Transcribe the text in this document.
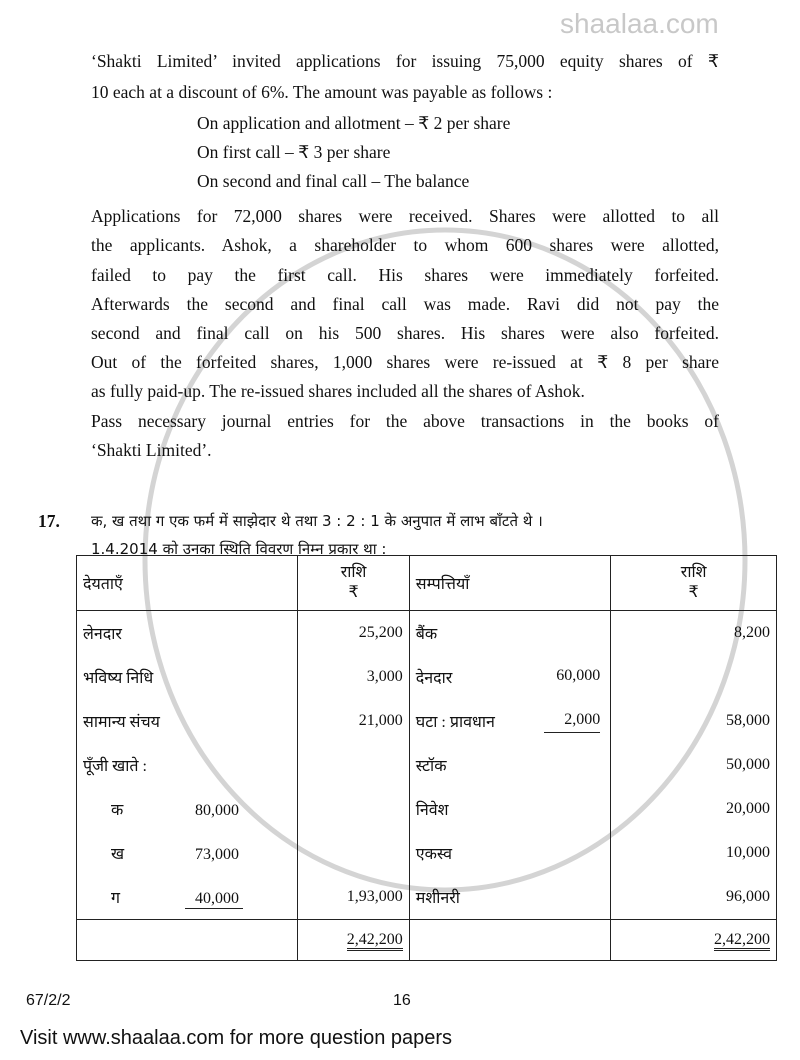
shaalaa.com
‘Shakti Limited’ invited applications for issuing 75,000 equity shares of ₹
10 each at a discount of 6%. The amount was payable as follows :
On application and allotment – ₹ 2 per share
On first call – ₹ 3 per share
On second and final call – The balance
Applications for 72,000 shares were received. Shares were allotted to all
the applicants. Ashok, a shareholder to whom 600 shares were allotted,
failed to pay the first call. His shares were immediately forfeited.
Afterwards the second and final call was made. Ravi did not pay the
second and final call on his 500 shares. His shares were also forfeited.
Out of the forfeited shares, 1,000 shares were re-issued at ₹ 8 per share
as fully paid-up. The re-issued shares included all the shares of Ashok.
Pass necessary journal entries for the above transactions in the books of
‘Shakti Limited’.
17. क, ख तथा ग एक फर्म में साझेदार थे तथा 3 : 2 : 1 के अनुपात में लाभ बाँटते थे ।
1.4.2014 को उनका स्थिति विवरण निम्न प्रकार था :
देयताएँ	राशि
₹	सम्पत्तियाँ	राशि
₹
लेनदार	25,200	बैंक	8,200
भविष्य निधि	3,000	देनदार 60,000	

सामान्य संचय	21,000	घटा : प्रावधान 2,000	58,000
पूँजी खाते :		स्टॉक	50,000
क 80,000		निवेश	20,000
ख 73,000		एकस्व	10,000
ग 40,000	1,93,000	मशीनरी	96,000
	2,42,200		2,42,200
67/2/2	16
Visit www.shaalaa.com for more question papers
